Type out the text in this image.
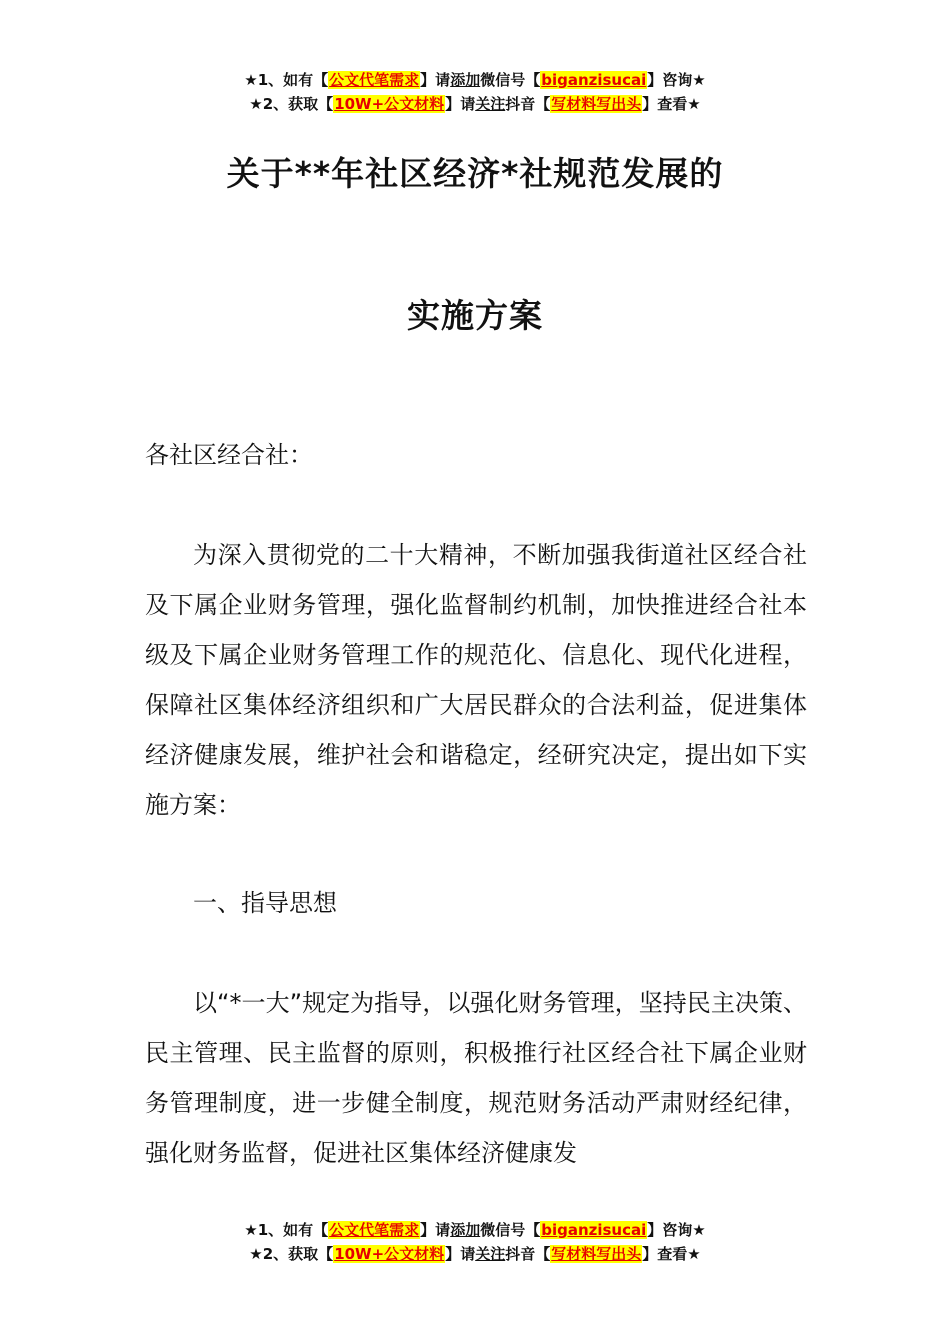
★1、如有【公文代笔需求】请添加微信号【biganzisucai】咨询★
★2、获取【10W+公文材料】请关注抖音【写材料写出头】查看★
关于**年社区经济*社规范发展的
实施方案
各社区经合社：
为深入贯彻党的二十大精神，不断加强我街道社区经合社及下属企业财务管理，强化监督制约机制，加快推进经合社本级及下属企业财务管理工作的规范化、信息化、现代化进程，保障社区集体经济组织和广大居民群众的合法利益，促进集体经济健康发展，维护社会和谐稳定，经研究决定，提出如下实施方案：
一、指导思想
以“*一大”规定为指导，以强化财务管理，坚持民主决策、民主管理、民主监督的原则，积极推行社区经合社下属企业财务管理制度，进一步健全制度，规范财务活动严肃财经纪律，强化财务监督，促进社区集体经济健康发
★1、如有【公文代笔需求】请添加微信号【biganzisucai】咨询★
★2、获取【10W+公文材料】请关注抖音【写材料写出头】查看★
